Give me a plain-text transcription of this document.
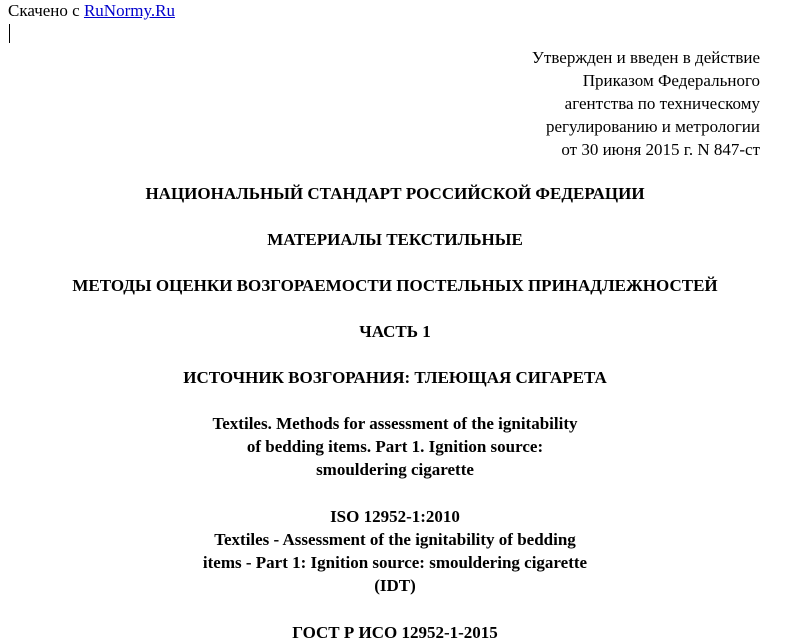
Скачено с RuNormy.Ru
Утвержден и введен в действие
Приказом Федерального
агентства по техническому
регулированию и метрологии
от 30 июня 2015 г. N 847-ст
НАЦИОНАЛЬНЫЙ СТАНДАРТ РОССИЙСКОЙ ФЕДЕРАЦИИ
МАТЕРИАЛЫ ТЕКСТИЛЬНЫЕ
МЕТОДЫ ОЦЕНКИ ВОЗГОРАЕМОСТИ ПОСТЕЛЬНЫХ ПРИНАДЛЕЖНОСТЕЙ
ЧАСТЬ 1
ИСТОЧНИК ВОЗГОРАНИЯ: ТЛЕЮЩАЯ СИГАРЕТА
Textiles. Methods for assessment of the ignitability
of bedding items. Part 1. Ignition source:
smouldering cigarette
ISO 12952-1:2010
Textiles - Assessment of the ignitability of bedding
items - Part 1: Ignition source: smouldering cigarette
(IDT)
ГОСТ Р ИСО 12952-1-2015
